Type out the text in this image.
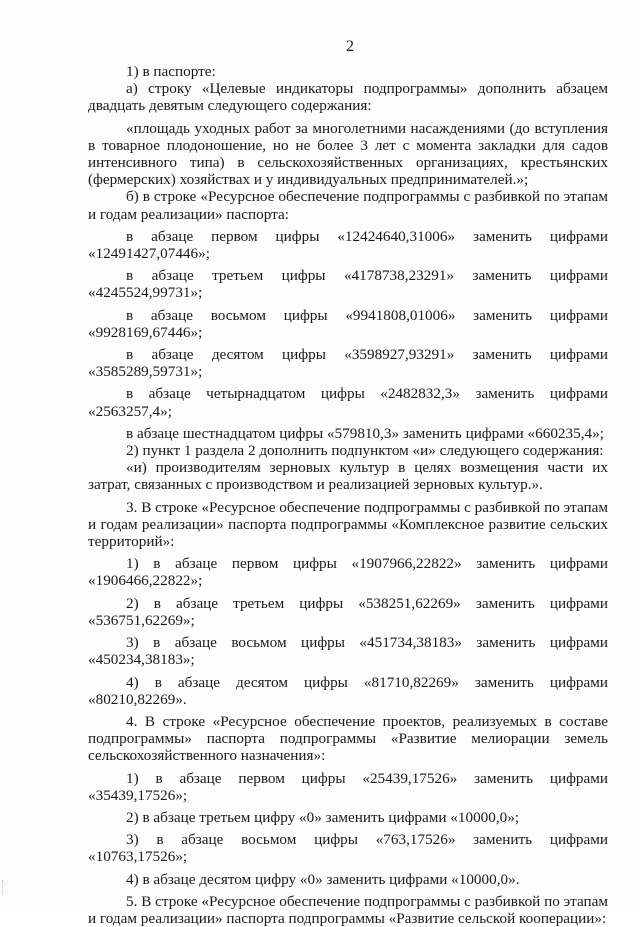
2

1) в паспорте:

а) строку «Целевые индикаторы подпрограммы» дополнить абзацем двадцать девятым следующего содержания:

«площадь уходных работ за многолетними насаждениями (до вступления в товарное плодоношение, но не более 3 лет с момента закладки для садов интенсивного типа) в сельскохозяйственных организациях, крестьянских (фермерских) хозяйствах и у индивидуальных предпринимателей.»;

б) в строке «Ресурсное обеспечение подпрограммы с разбивкой по этапам и годам реализации» паспорта:

в абзаце первом цифры «12424640,31006» заменить цифрами «12491427,07446»;

в абзаце третьем цифры «4178738,23291» заменить цифрами «4245524,99731»;

в абзаце восьмом цифры «9941808,01006» заменить цифрами «9928169,67446»;

в абзаце десятом цифры «3598927,93291» заменить цифрами «3585289,59731»;

в абзаце четырнадцатом цифры «2482832,3» заменить цифрами «2563257,4»;

в абзаце шестнадцатом цифры «579810,3» заменить цифрами «660235,4»;

2) пункт 1 раздела 2 дополнить подпунктом «и» следующего содержания:

«и) производителям зерновых культур в целях возмещения части их затрат, связанных с производством и реализацией зерновых культур.».

3. В строке «Ресурсное обеспечение подпрограммы с разбивкой по этапам и годам реализации» паспорта подпрограммы «Комплексное развитие сельских территорий»:

1) в абзаце первом цифры «1907966,22822» заменить цифрами «1906466,22822»;

2) в абзаце третьем цифры «538251,62269» заменить цифрами «536751,62269»;

3) в абзаце восьмом цифры «451734,38183» заменить цифрами «450234,38183»;

4) в абзаце десятом цифры «81710,82269» заменить цифрами «80210,82269».

4. В строке «Ресурсное обеспечение проектов, реализуемых в составе подпрограммы» паспорта подпрограммы «Развитие мелиорации земель сельскохозяйственного назначения»:

1) в абзаце первом цифры «25439,17526» заменить цифрами «35439,17526»;

2) в абзаце третьем цифру «0» заменить цифрами «10000,0»;

3) в абзаце восьмом цифры «763,17526» заменить цифрами «10763,17526»;

4) в абзаце десятом цифру «0» заменить цифрами «10000,0».

5. В строке «Ресурсное обеспечение подпрограммы с разбивкой по этапам и годам реализации» паспорта подпрограммы «Развитие сельской кооперации»:
